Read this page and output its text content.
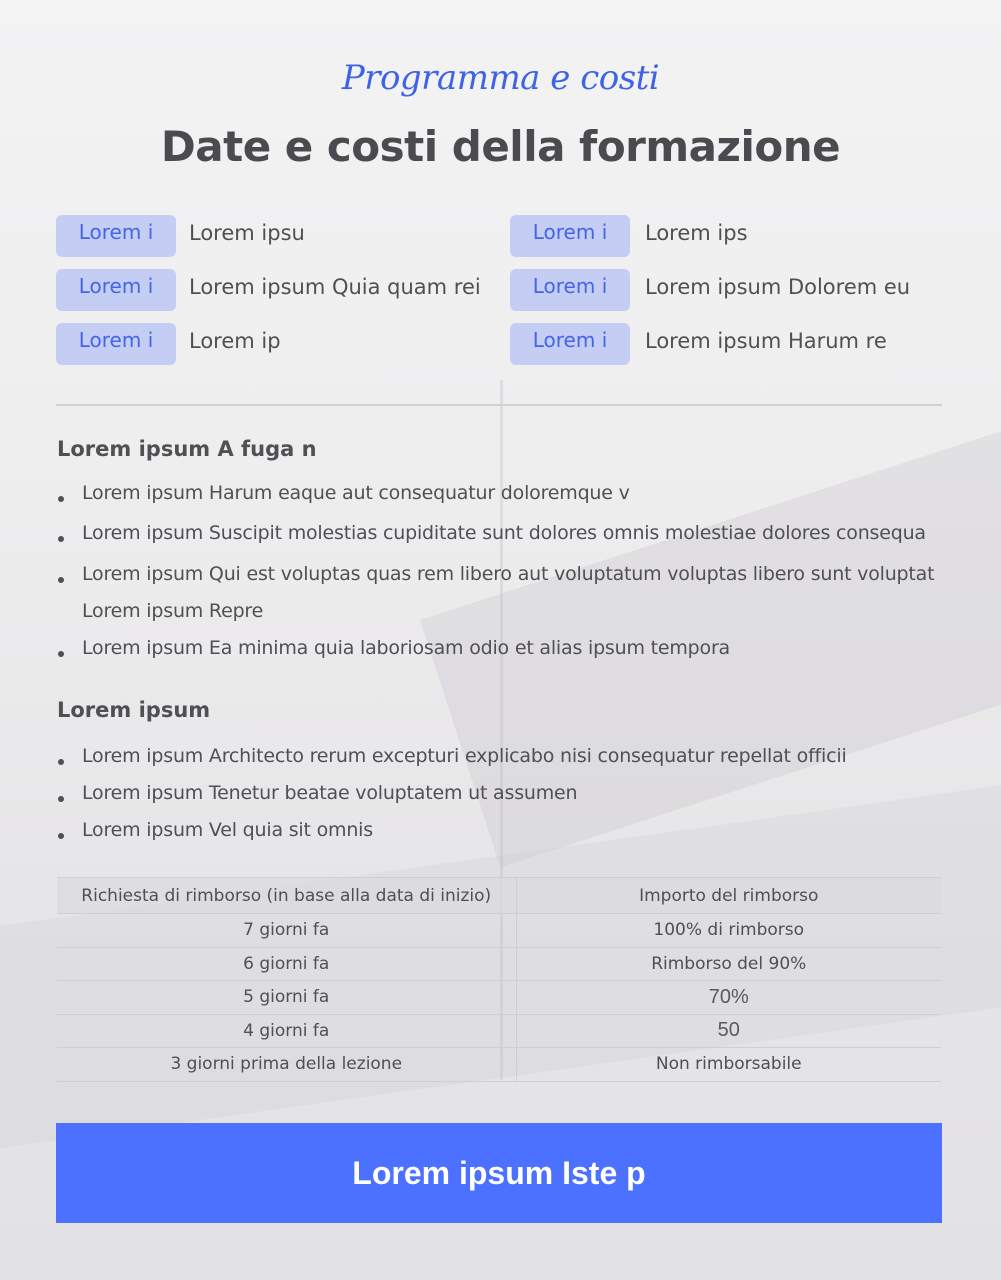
Programma e costi
Date e costi della formazione
Lorem i	Lorem ipsu
Lorem i	Lorem ipsum Quia quam rei
Lorem i	Lorem ip
Lorem i	Lorem ips
Lorem i	Lorem ipsum Dolorem eu
Lorem i	Lorem ipsum Harum re
Lorem ipsum A fuga n
Lorem ipsum Harum eaque aut consequatur doloremque v
Lorem ipsum Suscipit molestias cupiditate sunt dolores omnis molestiae dolores consequa
Lorem ipsum Qui est voluptas quas rem libero aut voluptatum voluptas libero sunt voluptat
Lorem ipsum Repre
Lorem ipsum Ea minima quia laboriosam odio et alias ipsum tempora
Lorem ipsum
Lorem ipsum Architecto rerum excepturi explicabo nisi consequatur repellat officii
Lorem ipsum Tenetur beatae voluptatem ut assumen
Lorem ipsum Vel quia sit omnis
Richiesta di rimborso (in base alla data di inizio)	Importo del rimborso
7 giorni fa	100% di rimborso
6 giorni fa	Rimborso del 90%
5 giorni fa	70%
4 giorni fa	50
3 giorni prima della lezione	Non rimborsabile
Lorem ipsum Iste p
